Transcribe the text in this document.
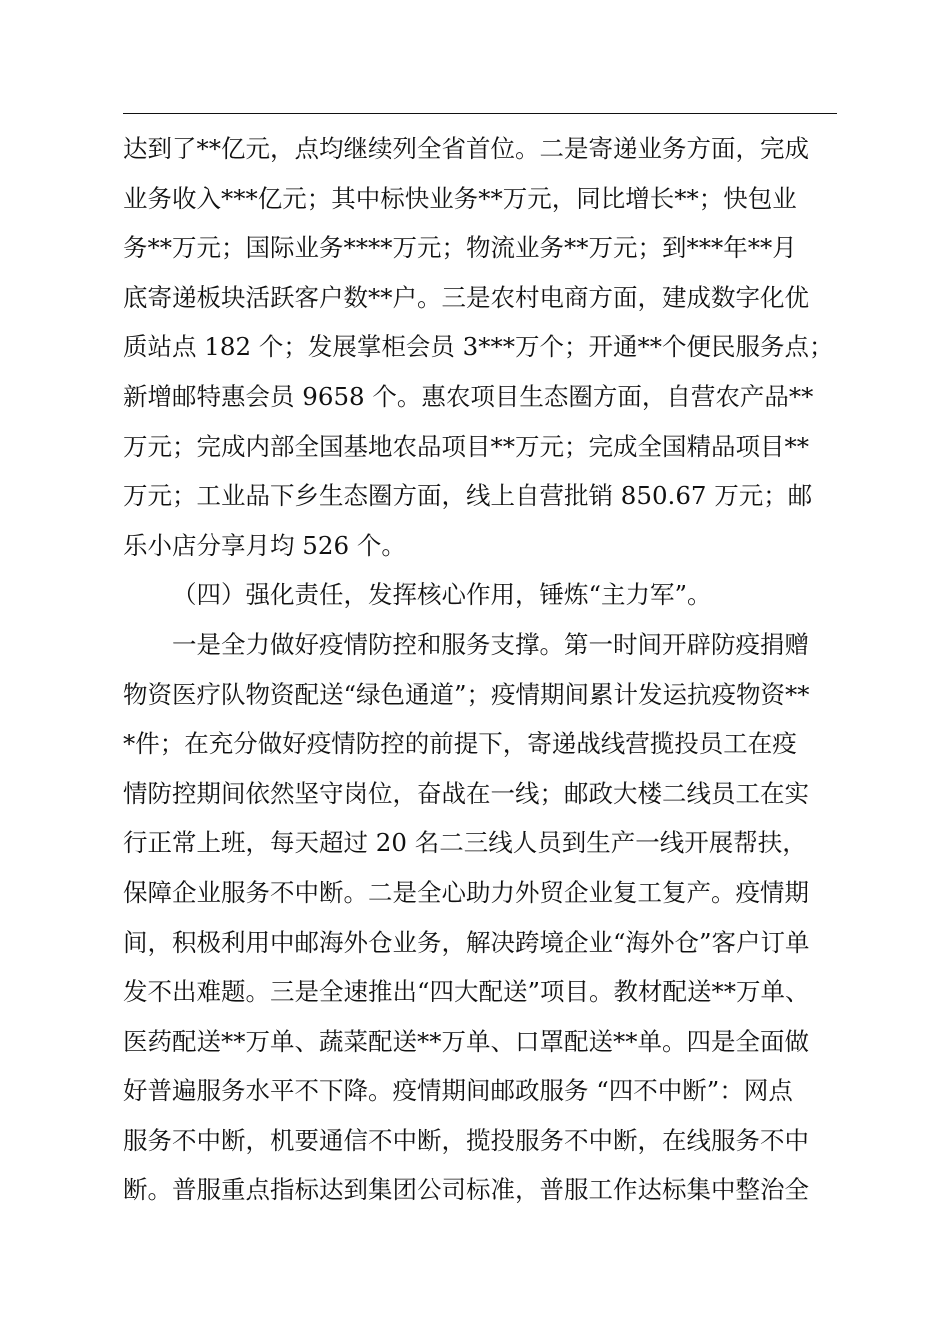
达到了**亿元，点均继续列全省首位。二是寄递业务方面，完成
业务收入***亿元；其中标快业务**万元，同比增长**；快包业
务**万元；国际业务****万元；物流业务**万元；到***年**月
底寄递板块活跃客户数**户。三是农村电商方面，建成数字化优
质站点 182 个；发展掌柜会员 3***万个；开通**个便民服务点；
新增邮特惠会员 9658 个。惠农项目生态圈方面，自营农产品**
万元；完成内部全国基地农品项目**万元；完成全国精品项目**
万元；工业品下乡生态圈方面，线上自营批销 850.67 万元；邮
乐小店分享月均 526 个。
（四）强化责任，发挥核心作用，锤炼“主力军”。
一是全力做好疫情防控和服务支撑。第一时间开辟防疫捐赠
物资医疗队物资配送“绿色通道”；疫情期间累计发运抗疫物资**
*件；在充分做好疫情防控的前提下，寄递战线营揽投员工在疫
情防控期间依然坚守岗位，奋战在一线；邮政大楼二线员工在实
行正常上班，每天超过 20 名二三线人员到生产一线开展帮扶，
保障企业服务不中断。二是全心助力外贸企业复工复产。疫情期
间，积极利用中邮海外仓业务，解决跨境企业“海外仓”客户订单
发不出难题。三是全速推出“四大配送”项目。教材配送**万单、
医药配送**万单、蔬菜配送**万单、口罩配送**单。四是全面做
好普遍服务水平不下降。疫情期间邮政服务 “四不中断”：网点
服务不中断，机要通信不中断，揽投服务不中断，在线服务不中
断。普服重点指标达到集团公司标准，普服工作达标集中整治全
